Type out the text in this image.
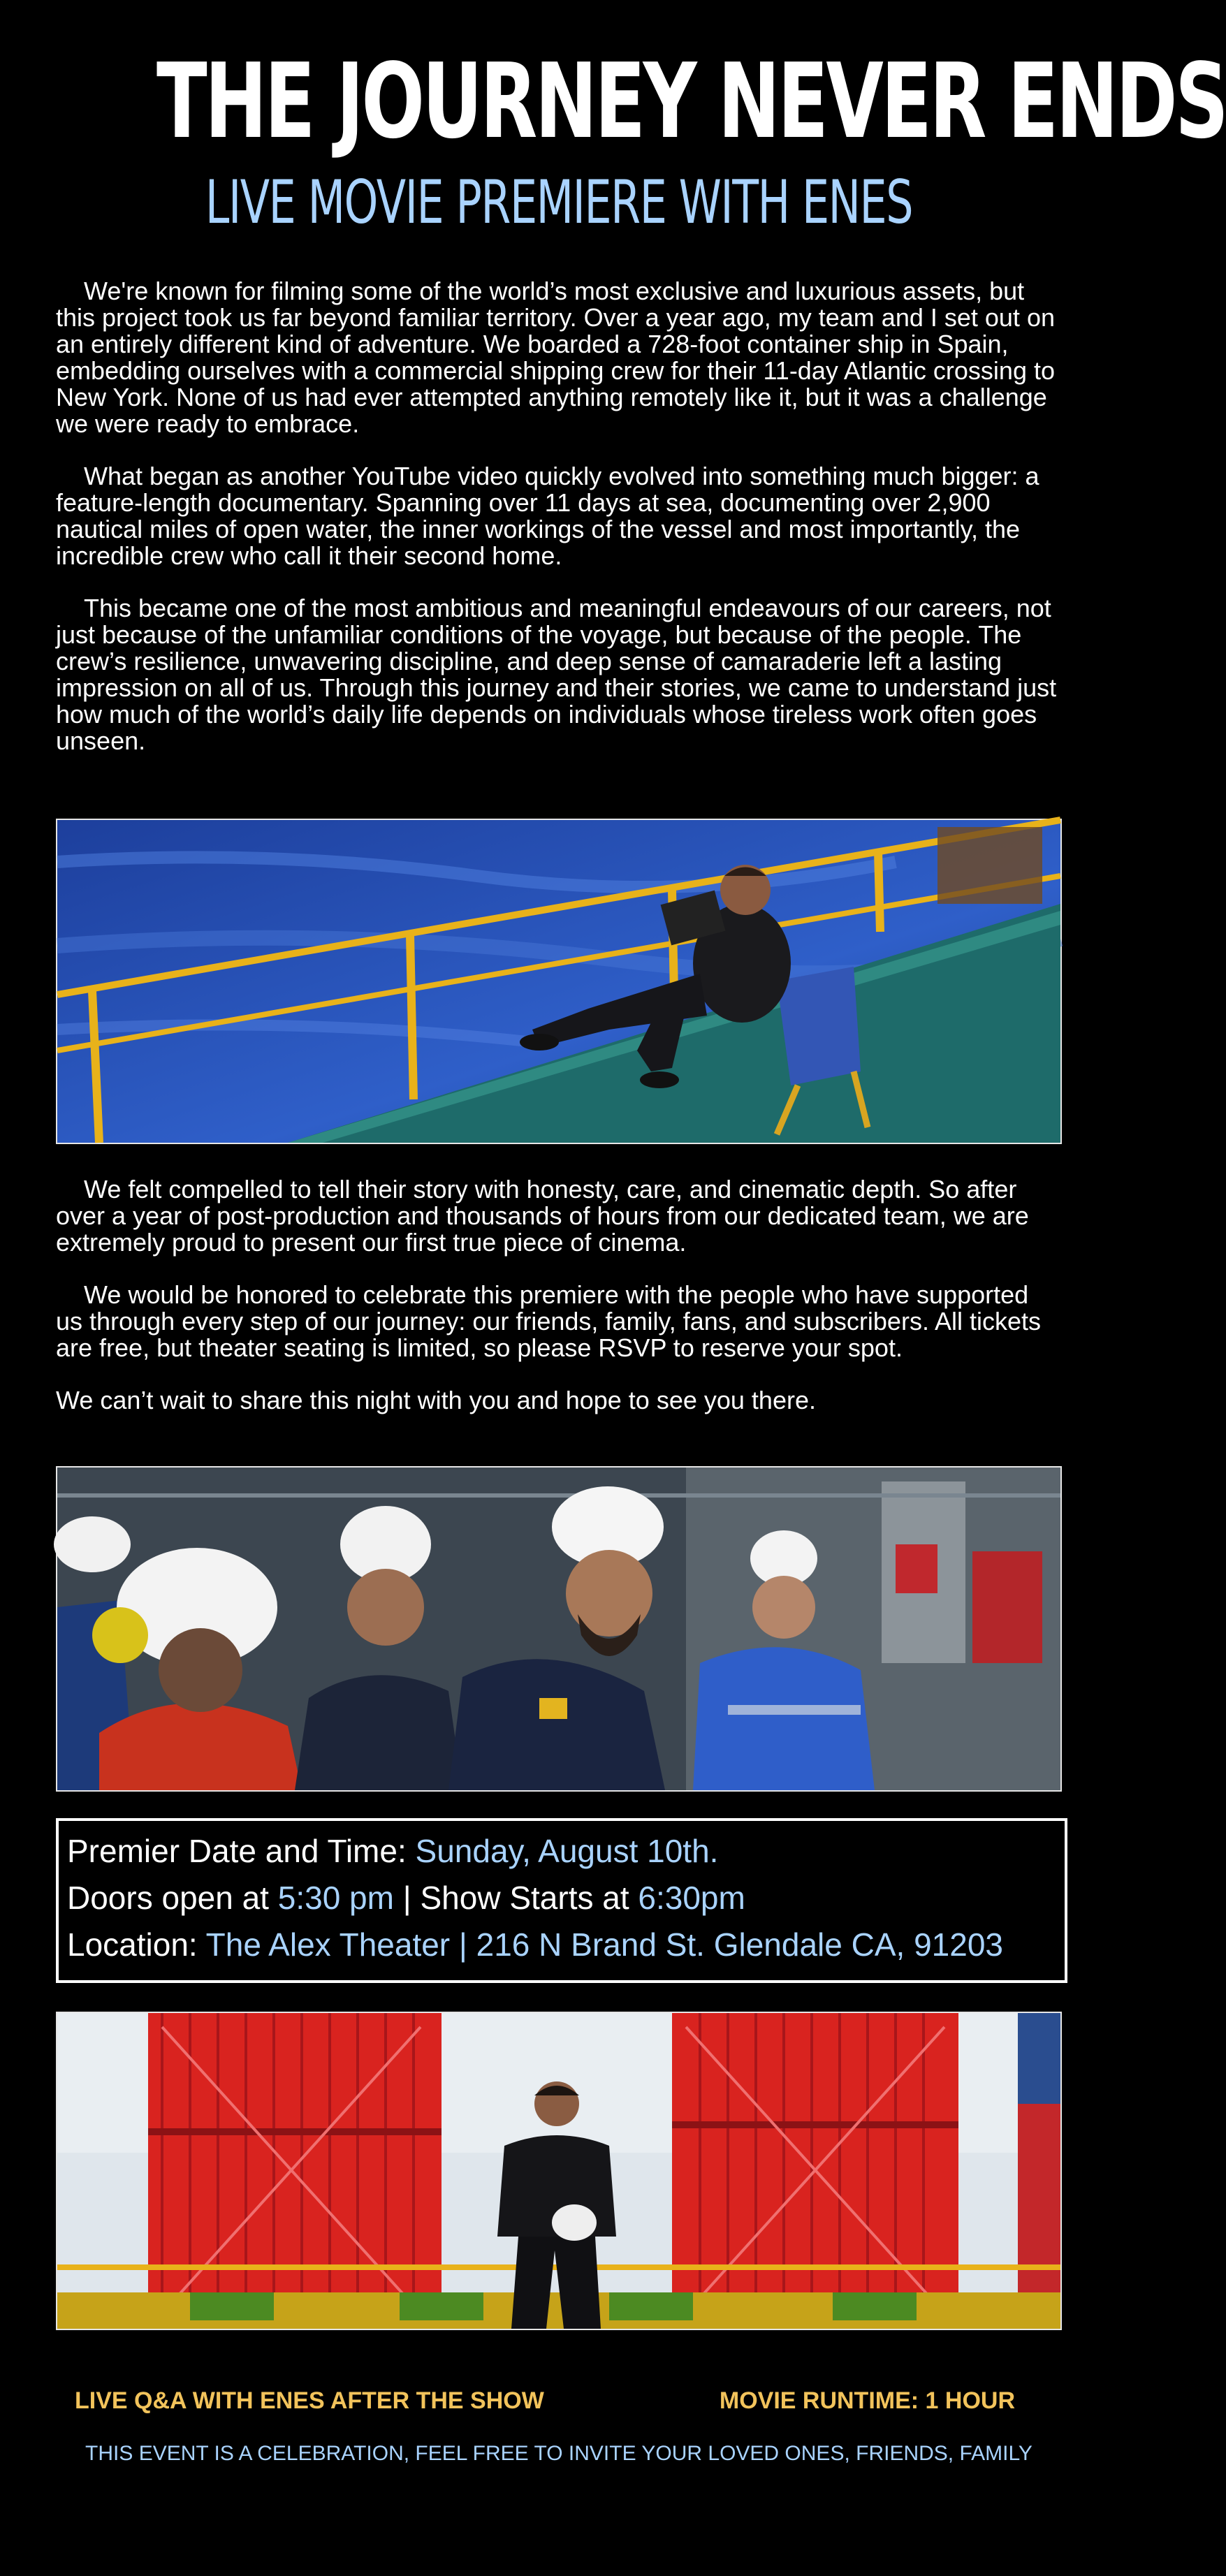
THE JOURNEY NEVER ENDS
LIVE MOVIE PREMIERE WITH ENES

We're known for filming some of the world’s most exclusive and luxurious assets, but this project took us far beyond familiar territory. Over a year ago, my team and I set out on an entirely different kind of adventure. We boarded a 728-foot container ship in Spain, embedding ourselves with a commercial shipping crew for their 11-day Atlantic crossing to New York. None of us had ever attempted anything remotely like it, but it was a challenge we were ready to embrace.

What began as another YouTube video quickly evolved into something much bigger: a feature-length documentary. Spanning over 11 days at sea, documenting over 2,900 nautical miles of open water, the inner workings of the vessel and most importantly, the incredible crew who call it their second home.

This became one of the most ambitious and meaningful endeavours of our careers, not just because of the unfamiliar conditions of the voyage, but because of the people. The crew’s resilience, unwavering discipline, and deep sense of camaraderie left a lasting impression on all of us. Through this journey and their stories, we came to understand just how much of the world’s daily life depends on individuals whose tireless work often goes unseen.

We felt compelled to tell their story with honesty, care, and cinematic depth. So after over a year of post-production and thousands of hours from our dedicated team, we are extremely proud to present our first true piece of cinema.

We would be honored to celebrate this premiere with the people who have supported us through every step of our journey: our friends, family, fans, and subscribers. All tickets are free, but theater seating is limited, so please RSVP to reserve your spot.

We can’t wait to share this night with you and hope to see you there.

Premier Date and Time: Sunday, August 10th.
Doors open at 5:30 pm | Show Starts at 6:30pm
Location: The Alex Theater | 216 N Brand St. Glendale CA, 91203
LIVE Q&A WITH ENES AFTER THE SHOW	MOVIE RUNTIME: 1 HOUR
THIS EVENT IS A CELEBRATION, FEEL FREE TO INVITE YOUR LOVED ONES, FRIENDS, FAMILY
